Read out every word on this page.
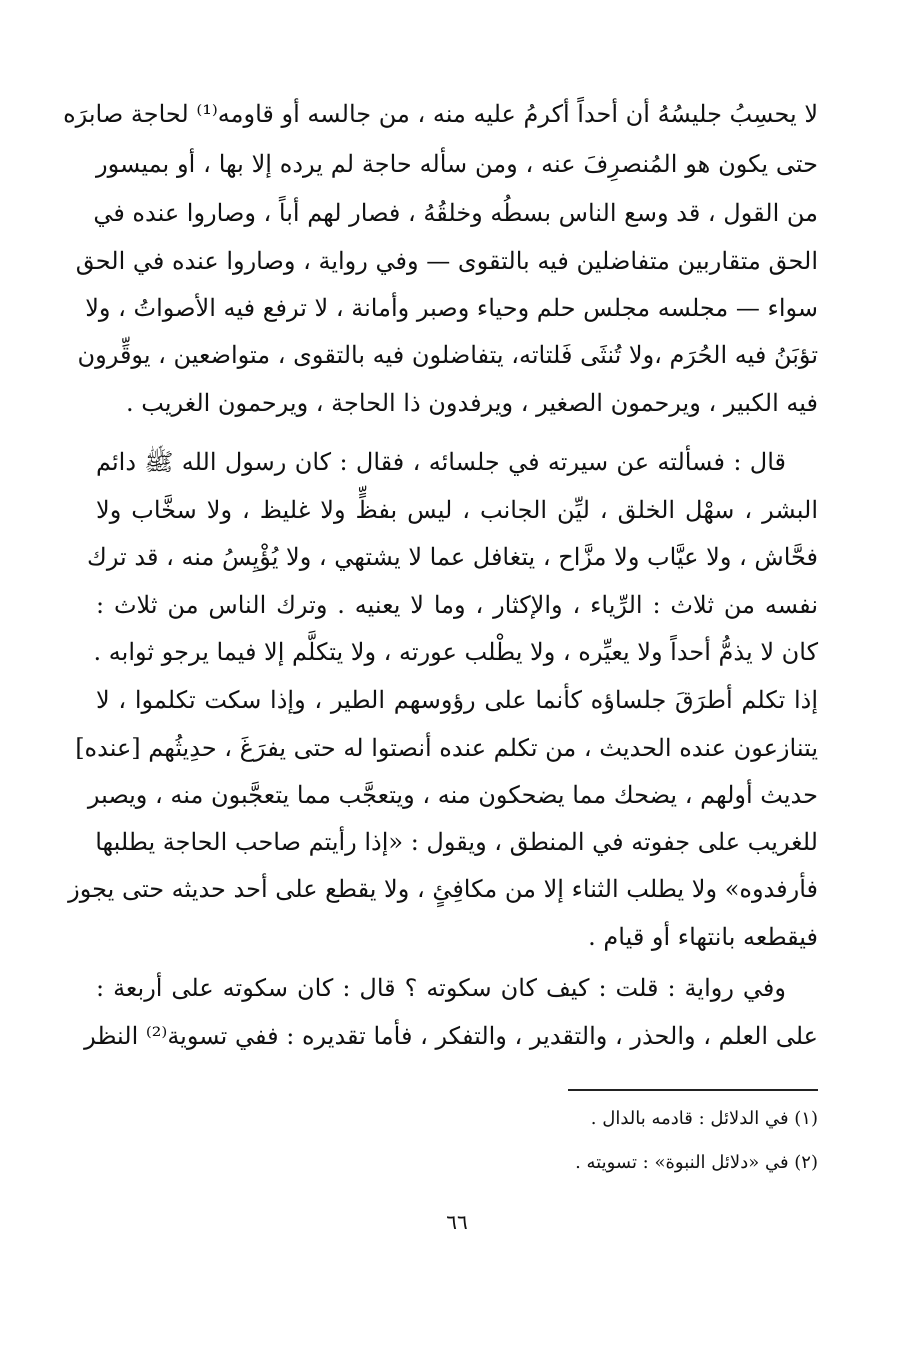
لا يحسِبُ جليسُهُ أن أحداً أكرمُ عليه منه ، من جالسه أو قاومه⁽¹⁾ لحاجة صابرَه
حتى يكون هو المُنصرِفَ عنه ، ومن سأله حاجة لم يرده إلا بها ، أو بميسور
من القول ، قد وسع الناس بسطُه وخلقُهُ ، فصار لهم أباً ، وصاروا عنده في
الحق متقاربين متفاضلين فيه بالتقوى — وفي رواية ، وصاروا عنده في الحق
سواء — مجلسه مجلس حلم وحياء وصبر وأمانة ، لا ترفع فيه الأصواتُ ، ولا
تؤبَنُ فيه الحُرَم ،ولا تُنثَى فَلتاته، يتفاضلون فيه بالتقوى ، متواضعين ، يوقِّرون
فيه الكبير ، ويرحمون الصغير ، ويرفدون ذا الحاجة ، ويرحمون الغريب .
قال : فسألته عن سيرته في جلسائه ، فقال : كان رسول الله ﷺ دائم
البشر ، سهْل الخلق ، ليِّن الجانب ، ليس بفظٍّ ولا غليظ ، ولا سخَّاب ولا
فحَّاش ، ولا عيَّاب ولا مزَّاح ، يتغافل عما لا يشتهي ، ولا يُؤْيِسُ منه ، قد ترك
نفسه من ثلاث : الرِّياء ، والإكثار ، وما لا يعنيه . وترك الناس من ثلاث :
كان لا يذمُّ أحداً ولا يعيِّره ، ولا يطْلب عورته ، ولا يتكلَّم إلا فيما يرجو ثوابه .
إذا تكلم أطرَقَ جلساؤه كأنما على رؤوسهم الطير ، وإذا سكت تكلموا ، لا
يتنازعون عنده الحديث ، من تكلم عنده أنصتوا له حتى يفرَغَ ، حدِيثُهم [عنده]
حديث أولهم ، يضحك مما يضحكون منه ، ويتعجَّب مما يتعجَّبون منه ، ويصبر
للغريب على جفوته في المنطق ، ويقول : «إذا رأيتم صاحب الحاجة يطلبها
فأرفدوه» ولا يطلب الثناء إلا من مكافِئٍ ، ولا يقطع على أحد حديثه حتى يجوز
فيقطعه بانتهاء أو قيام .
وفي رواية : قلت : كيف كان سكوته ؟ قال : كان سكوته على أربعة :
على العلم ، والحذر ، والتقدير ، والتفكر ، فأما تقديره : ففي تسوية⁽²⁾ النظر
(١) في الدلائل : قادمه بالدال .
(٢) في «دلائل النبوة» : تسويته .
٦٦
